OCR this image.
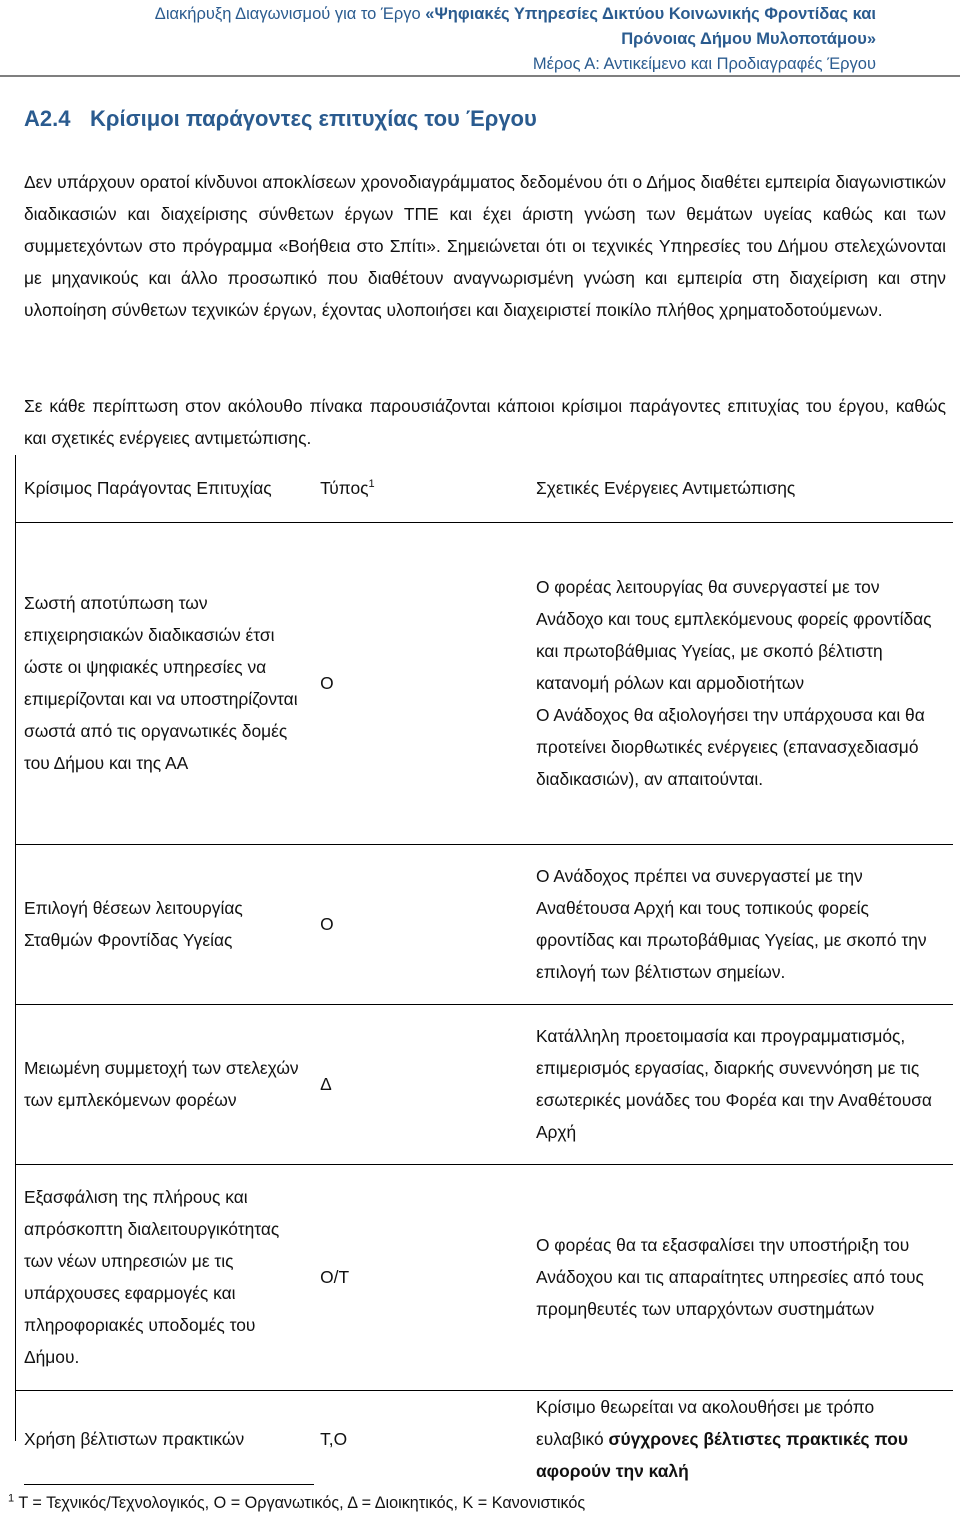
Διακήρυξη Διαγωνισμού για το Έργο «Ψηφιακές Υπηρεσίες Δικτύου Κοινωνικής Φροντίδας και
Πρόνοιας Δήμου Μυλοποτάμου»
Μέρος Α: Αντικείμενο και Προδιαγραφές Έργου
Α2.4 Κρίσιμοι παράγοντες επιτυχίας του Έργου
Δεν υπάρχουν ορατοί κίνδυνοι αποκλίσεων χρονοδιαγράμματος δεδομένου ότι ο Δήμος διαθέτει εμπειρία διαγωνιστικών διαδικασιών και διαχείρισης σύνθετων έργων ΤΠΕ και έχει άριστη γνώση των θεμάτων υγείας καθώς και των συμμετεχόντων στο πρόγραμμα «Βοήθεια στο Σπίτι». Σημειώνεται ότι οι τεχνικές Υπηρεσίες του Δήμου στελεχώνονται με μηχανικούς και άλλο προσωπικό που διαθέτουν αναγνωρισμένη γνώση και εμπειρία στη διαχείριση και στην υλοποίηση σύνθετων τεχνικών έργων, έχοντας υλοποιήσει και διαχειριστεί ποικίλο πλήθος χρηματοδοτούμενων.
Σε κάθε περίπτωση στον ακόλουθο πίνακα παρουσιάζονται κάποιοι κρίσιμοι παράγοντες επιτυχίας του έργου, καθώς και σχετικές ενέργειες αντιμετώπισης.
Κρίσιμος Παράγοντας Επιτυχίας	Τύπος$^1$	Σχετικές Ενέργειες Αντιμετώπισης
Σωστή αποτύπωση των επιχειρησιακών διαδικασιών έτσι ώστε οι ψηφιακές υπηρεσίες να επιμερίζονται και να υποστηρίζονται σωστά από τις οργανωτικές δομές του Δήμου και της ΑΑ	Ο	Ο φορέας λειτουργίας θα συνεργαστεί με τον Ανάδοχο και τους εμπλεκόμενους φορείς φροντίδας και πρωτοβάθμιας Υγείας, με σκοπό βέλτιστη κατανομή ρόλων και αρμοδιοτήτων
Ο Ανάδοχος θα αξιολογήσει την υπάρχουσα και θα προτείνει διορθωτικές ενέργειες (επανασχεδιασμό διαδικασιών), αν απαιτούνται.

Επιλογή θέσεων λειτουργίας Σταθμών Φροντίδας Υγείας	Ο	Ο Ανάδοχος πρέπει να συνεργαστεί με την Αναθέτουσα Αρχή και τους τοπικούς φορείς φροντίδας και πρωτοβάθμιας Υγείας, με σκοπό την επιλογή των βέλτιστων σημείων.
Μειωμένη συμμετοχή των στελεχών των εμπλεκόμενων φορέων	Δ	Κατάλληλη προετοιμασία και προγραμματισμός, επιμερισμός εργασίας, διαρκής συνεννόηση με τις εσωτερικές μονάδες του Φορέα και την Αναθέτουσα Αρχή
Εξασφάλιση της πλήρους και απρόσκοπτη διαλειτουργικότητας των νέων υπηρεσιών με τις υπάρχουσες εφαρμογές και πληροφοριακές υποδομές του Δήμου.	Ο/Τ	Ο φορέας θα τα εξασφαλίσει την υποστήριξη του Ανάδοχου και τις απαραίτητες υπηρεσίες από τους προμηθευτές των υπαρχόντων συστημάτων
Χρήση βέλτιστων πρακτικών	Τ,Ο	Κρίσιμο θεωρείται να ακολουθήσει με τρόπο ευλαβικό σύγχρονες βέλτιστες πρακτικές που αφορούν την καλή
$^1$ Τ = Τεχνικός/Τεχνολογικός, Ο = Οργανωτικός, Δ = Διοικητικός, Κ = Κανονιστικός
